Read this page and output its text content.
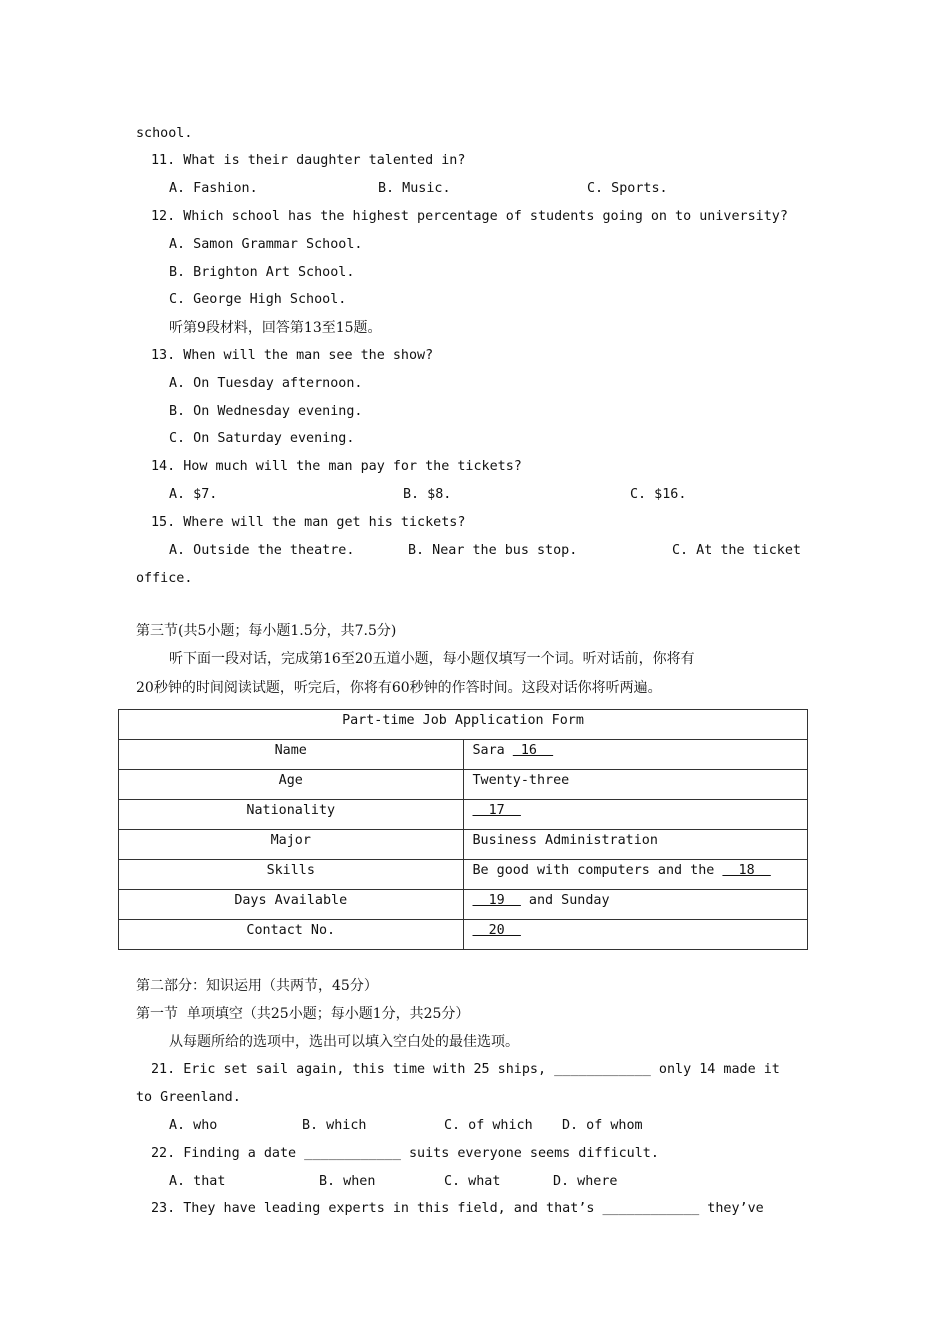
school.
11. What is their daughter talented in?
A. Fashion.	B. Music.	C. Sports.
12. Which school has the highest percentage of students going on to university?
A. Samon Grammar School.
B. Brighton Art School.
C. George High School.
听第9段材料，回答第13至15题。
13. When will the man see the show?
A. On Tuesday afternoon.
B. On Wednesday evening.
C. On Saturday evening.
14. How much will the man pay for the tickets?
A. $7.	B. $8.	C. $16.
15. Where will the man get his tickets?
A. Outside the theatre.	B. Near the bus stop.	C. At the ticket
office.
第三节(共5小题；每小题1.5分，共7.5分)
听下面一段对话，完成第16至20五道小题，每小题仅填写一个词。听对话前，你将有
20秒钟的时间阅读试题，听完后，你将有60秒钟的作答时间。这段对话你将听两遍。
Part-time Job Application Form	

Name	Sara  16

Age	Twenty-three

Nationality	17

Major	Business Administration

Skills	Be good with computers and the   18

Days Available	19   and Sunday

Contact No.	20
第二部分：知识运用（共两节，45分）
第一节  单项填空（共25小题；每小题1分，共25分）
从每题所给的选项中，选出可以填入空白处的最佳选项。
21. Eric set sail again, this time with 25 ships, ____________ only 14 made it
to Greenland.
A. who	B. which	C. of which D. of whom
22. Finding a date ____________ suits everyone seems difficult.
A. that	B. when	C. what	D. where
23. They have leading experts in this field, and that’s ____________ they’ve
